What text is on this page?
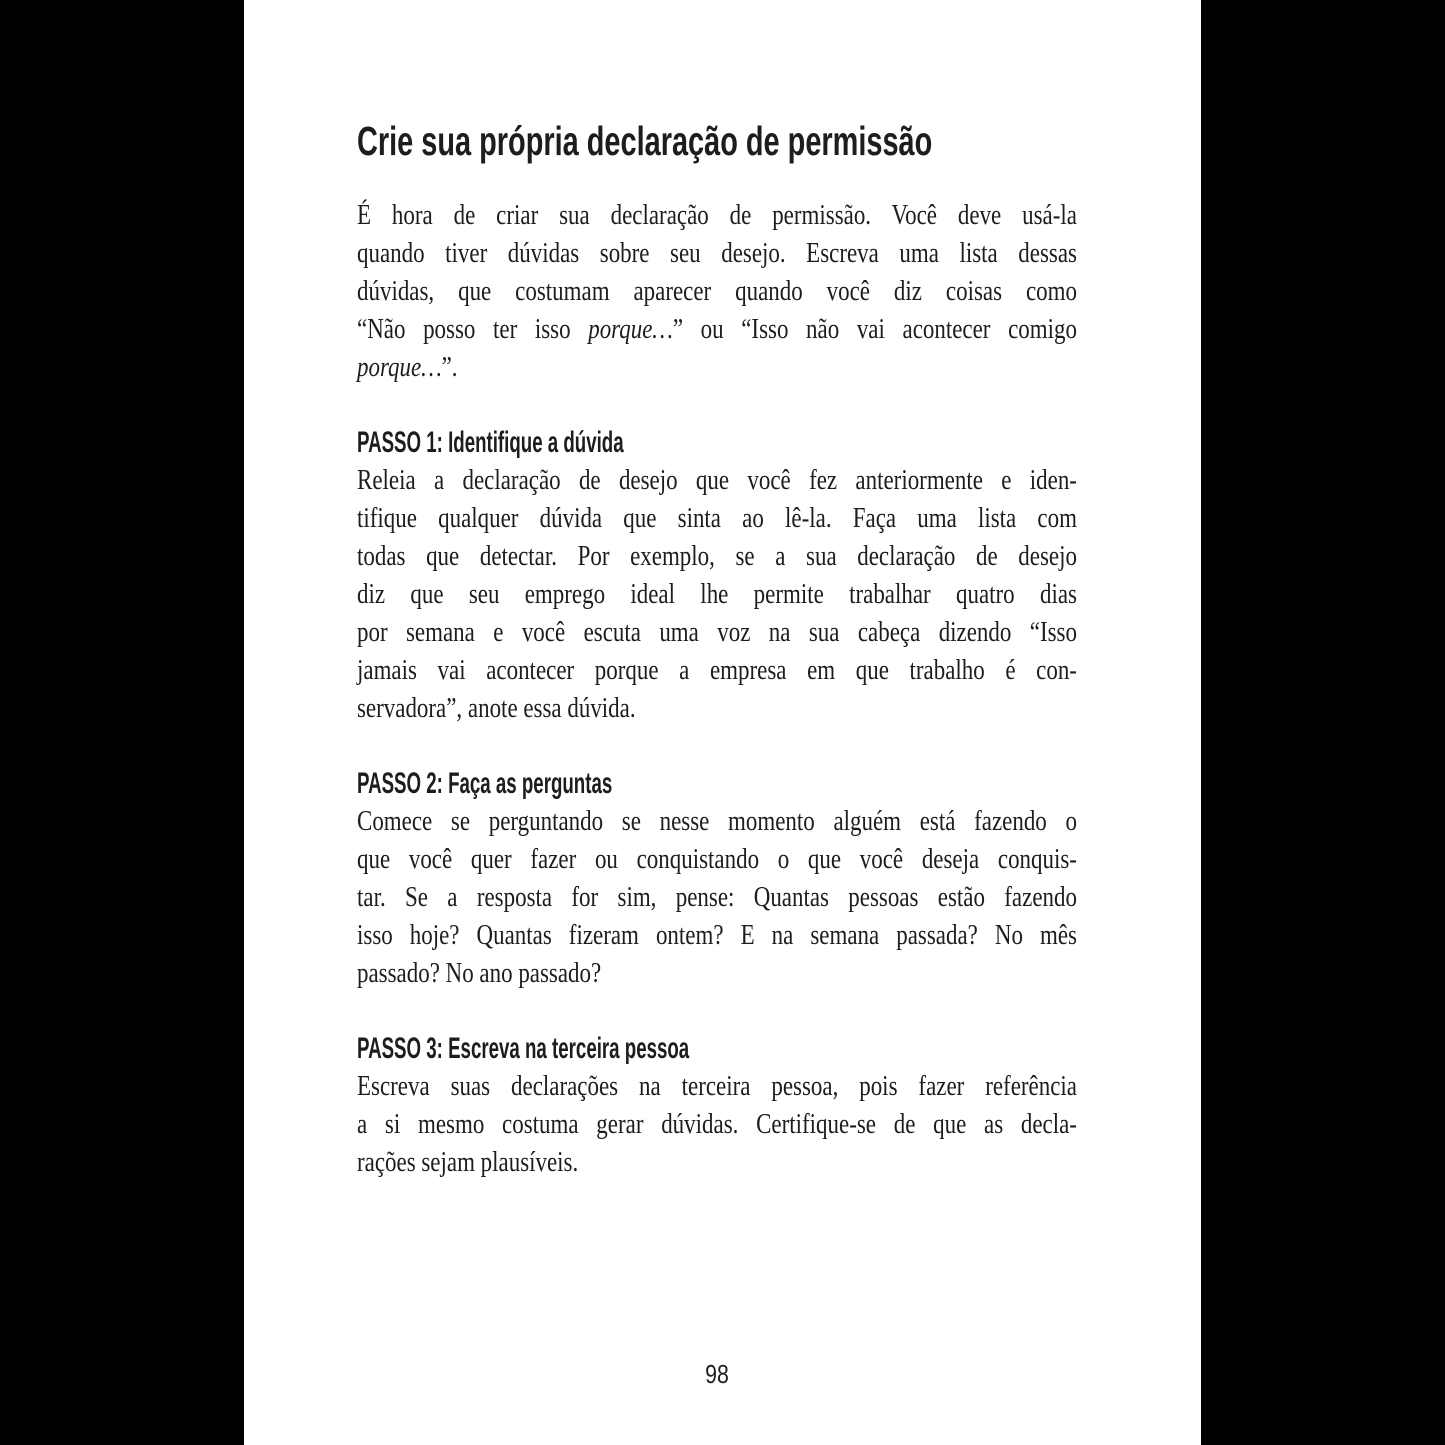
Crie sua própria declaração de permissão
É hora de criar sua declaração de permissão. Você deve usá-la
quando tiver dúvidas sobre seu desejo. Escreva uma lista dessas
dúvidas, que costumam aparecer quando você diz coisas como
“Não posso ter isso porque…” ou “Isso não vai acontecer comigo
porque…”.
PASSO 1: Identifique a dúvida
Releia a declaração de desejo que você fez anteriormente e iden-
tifique qualquer dúvida que sinta ao lê-la. Faça uma lista com
todas que detectar. Por exemplo, se a sua declaração de desejo
diz que seu emprego ideal lhe permite trabalhar quatro dias
por semana e você escuta uma voz na sua cabeça dizendo “Isso
jamais vai acontecer porque a empresa em que trabalho é con-
servadora”, anote essa dúvida.
PASSO 2: Faça as perguntas
Comece se perguntando se nesse momento alguém está fazendo o
que você quer fazer ou conquistando o que você deseja conquis-
tar. Se a resposta for sim, pense: Quantas pessoas estão fazendo
isso hoje? Quantas fizeram ontem? E na semana passada? No mês
passado? No ano passado?
PASSO 3: Escreva na terceira pessoa
Escreva suas declarações na terceira pessoa, pois fazer referência
a si mesmo costuma gerar dúvidas. Certifique-se de que as decla-
rações sejam plausíveis.
98
